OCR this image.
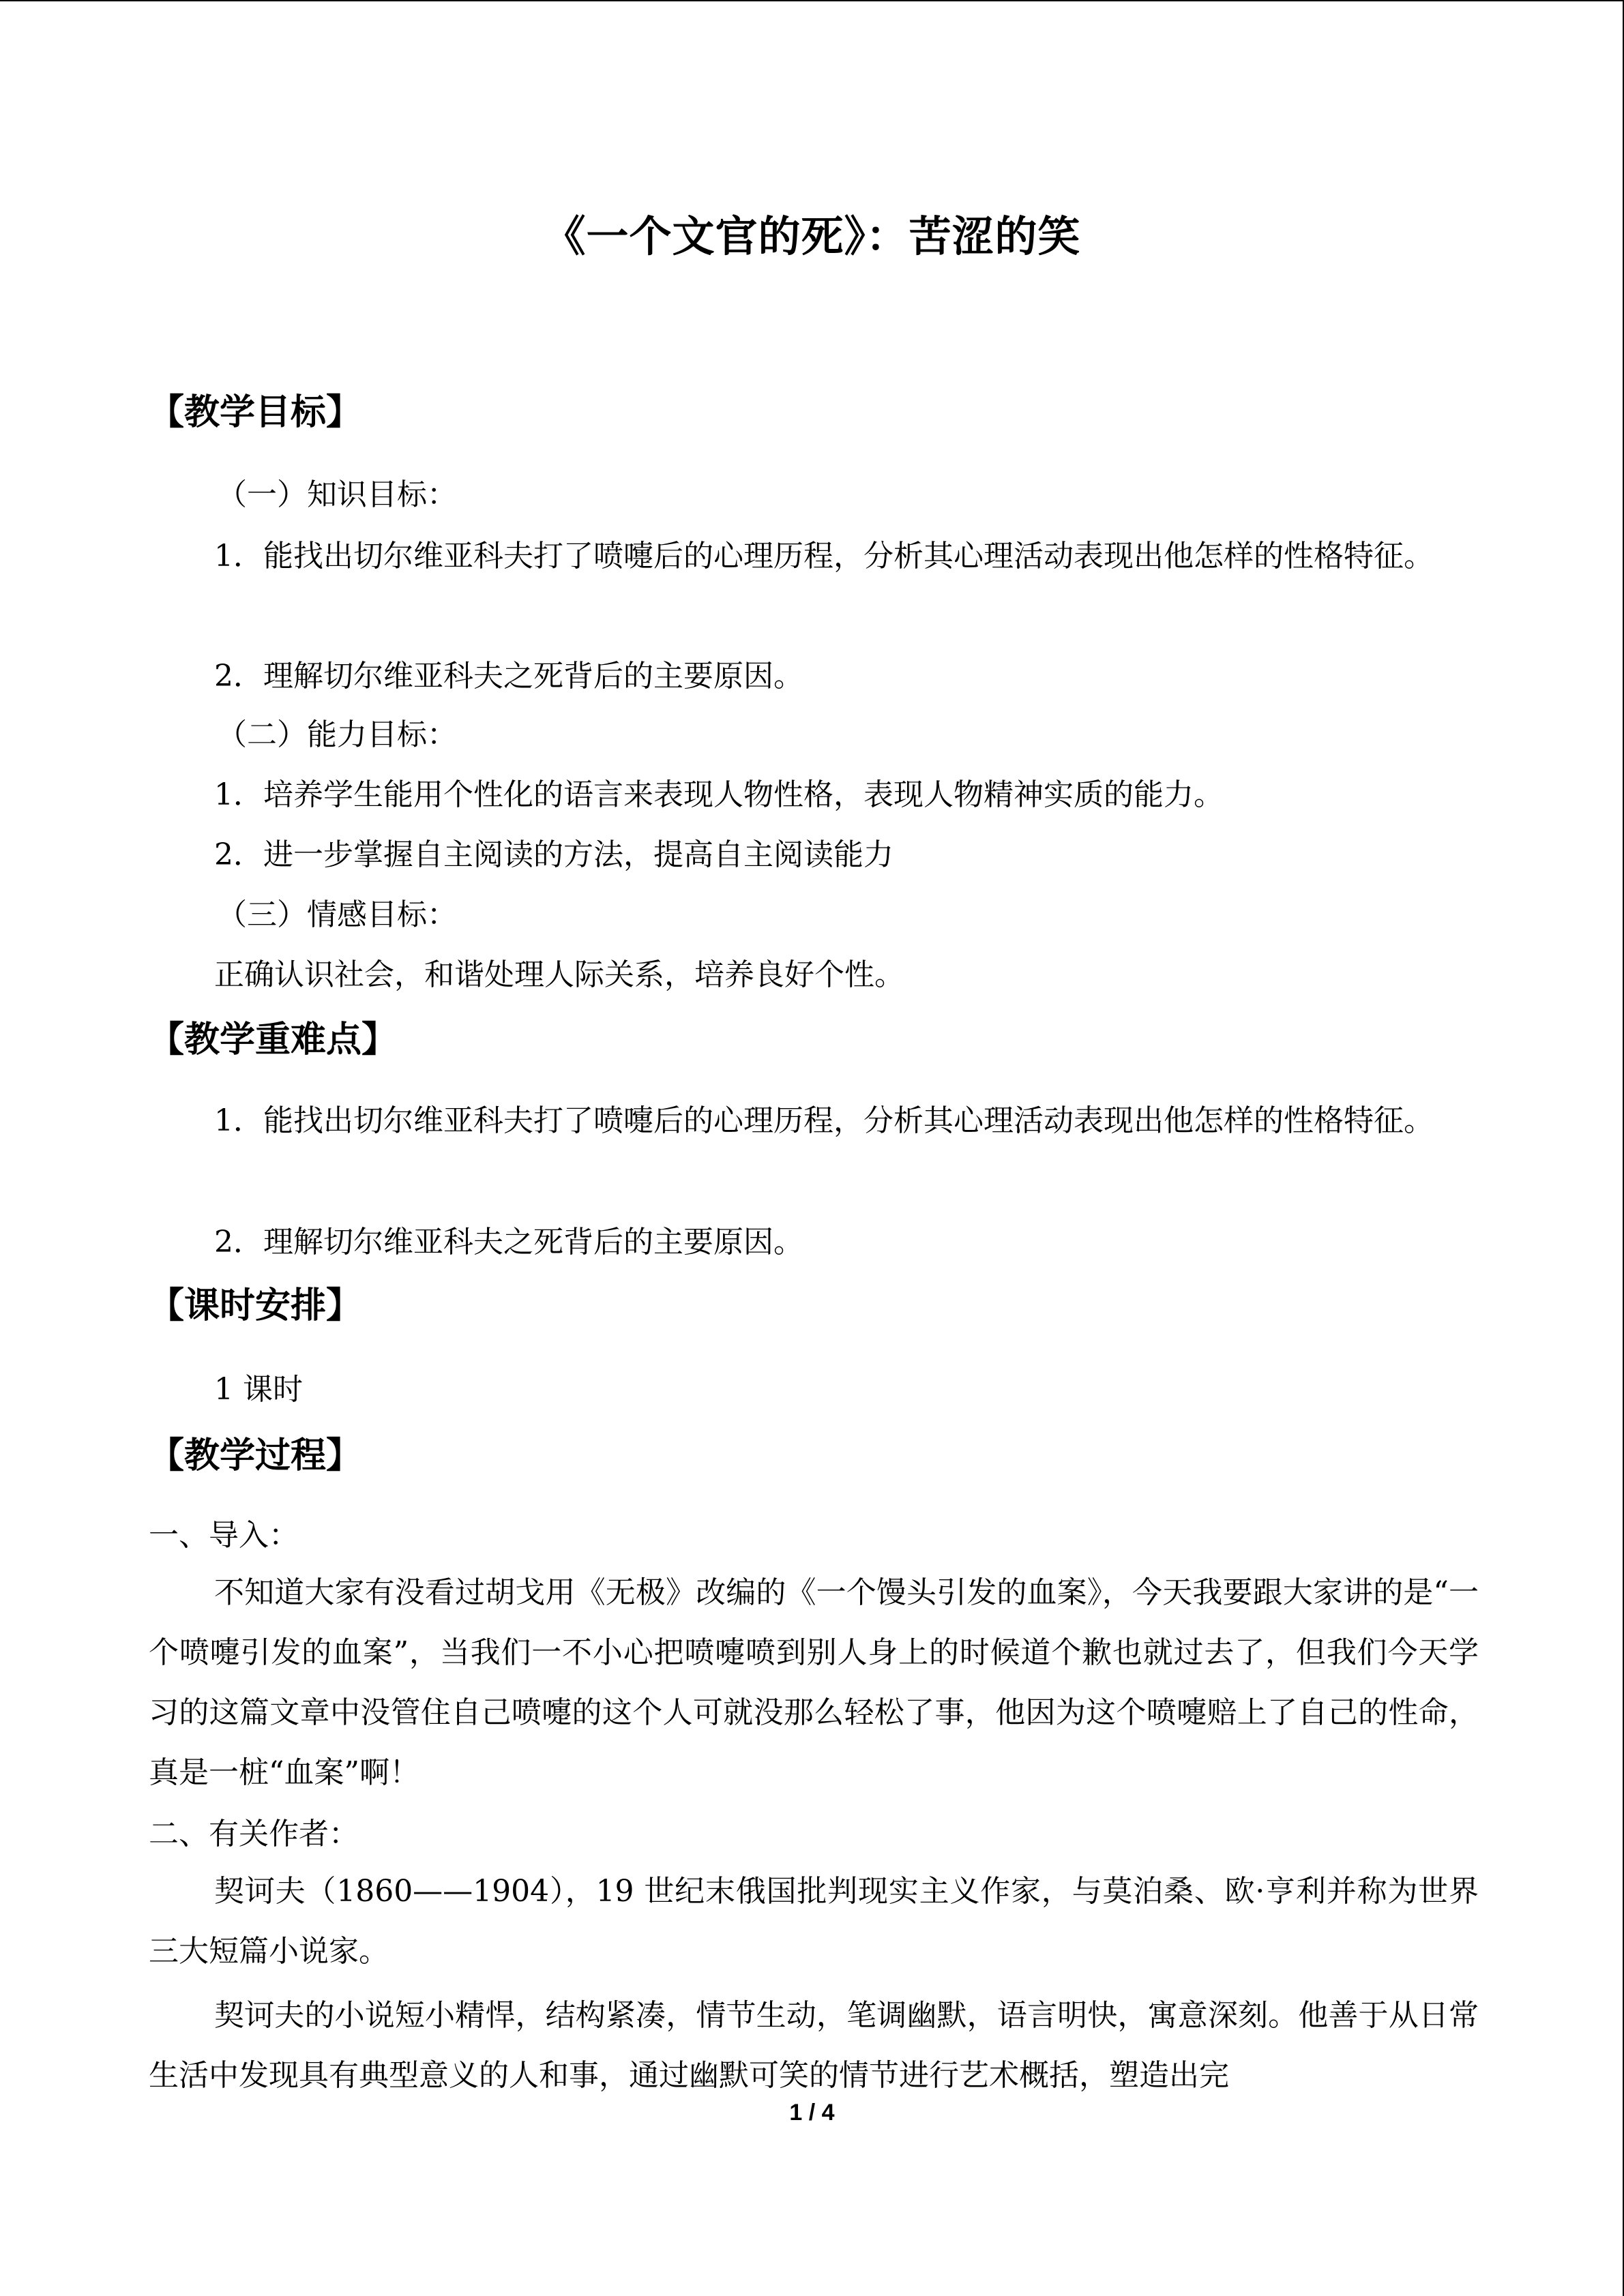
《一个文官的死》：苦涩的笑
【教学目标】
（一）知识目标：
1．能找出切尔维亚科夫打了喷嚏后的心理历程，分析其心理活动表现出他怎样的性格特征。
2．理解切尔维亚科夫之死背后的主要原因。
（二）能力目标：
1．培养学生能用个性化的语言来表现人物性格，表现人物精神实质的能力。
2．进一步掌握自主阅读的方法，提高自主阅读能力
（三）情感目标：
正确认识社会，和谐处理人际关系，培养良好个性。
【教学重难点】
1．能找出切尔维亚科夫打了喷嚏后的心理历程，分析其心理活动表现出他怎样的性格特征。
2．理解切尔维亚科夫之死背后的主要原因。
【课时安排】
1 课时
【教学过程】
一、导入：
不知道大家有没看过胡戈用《无极》改编的《一个馒头引发的血案》，今天我要跟大家讲的是“一个喷嚏引发的血案”，当我们一不小心把喷嚏喷到别人身上的时候道个歉也就过去了，但我们今天学习的这篇文章中没管住自己喷嚏的这个人可就没那么轻松了事，他因为这个喷嚏赔上了自己的性命，真是一桩“血案”啊！
二、有关作者：
契诃夫（1860——1904），19 世纪末俄国批判现实主义作家，与莫泊桑、欧·亨利并称为世界三大短篇小说家。
契诃夫的小说短小精悍，结构紧凑，情节生动，笔调幽默，语言明快，寓意深刻。他善于从日常生活中发现具有典型意义的人和事，通过幽默可笑的情节进行艺术概括，塑造出完
1 / 4
